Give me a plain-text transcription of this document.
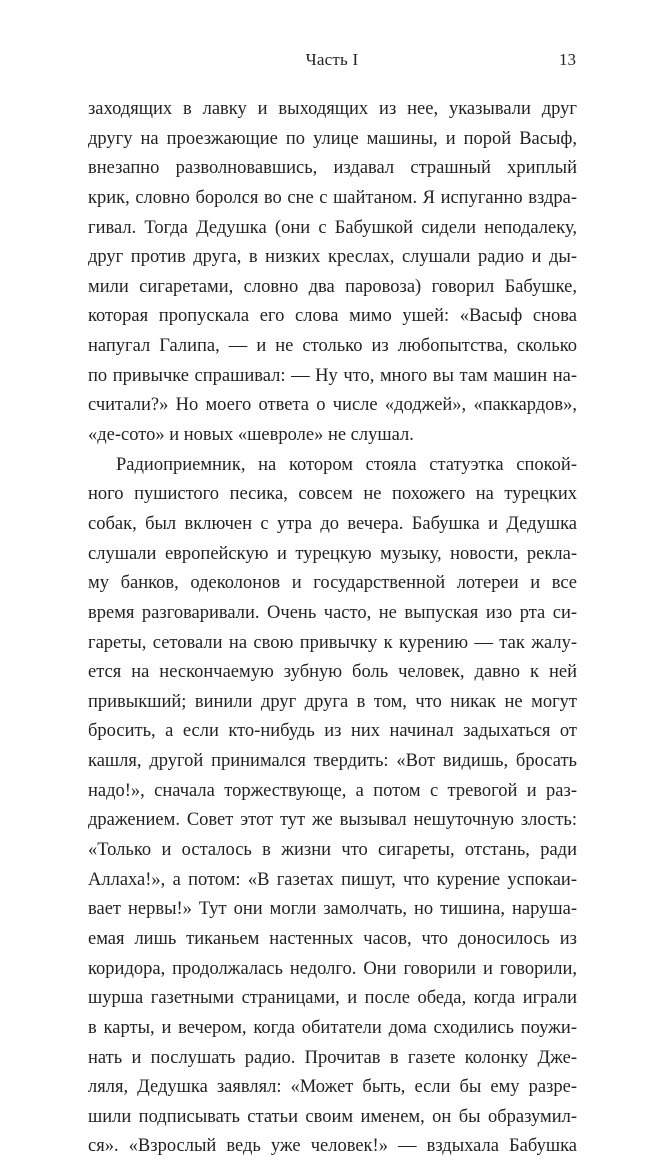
Часть I	13
заходящих в лавку и выходящих из нее, указывали друг
другу на проезжающие по улице машины, и порой Васыф,
внезапно разволновавшись, издавал страшный хриплый
крик, словно боролся во сне с шайтаном. Я испуганно вздра-
гивал. Тогда Дедушка (они с Бабушкой сидели неподалеку,
друг против друга, в низких креслах, слушали радио и ды-
мили сигаретами, словно два паровоза) говорил Бабушке,
которая пропускала его слова мимо ушей: «Васыф снова
напугал Галипа, — и не столько из любопытства, сколько
по привычке спрашивал: — Ну что, много вы там машин на-
считали?» Но моего ответа о числе «доджей», «паккардов»,
«де-сото» и новых «шевроле» не слушал.
Радиоприемник, на котором стояла статуэтка спокой-
ного пушистого песика, совсем не похожего на турецких
собак, был включен с утра до вечера. Бабушка и Дедушка
слушали европейскую и турецкую музыку, новости, рекла-
му банков, одеколонов и государственной лотереи и все
время разговаривали. Очень часто, не выпуская изо рта си-
гареты, сетовали на свою привычку к курению — так жалу-
ется на нескончаемую зубную боль человек, давно к ней
привыкший; винили друг друга в том, что никак не могут
бросить, а если кто-нибудь из них начинал задыхаться от
кашля, другой принимался твердить: «Вот видишь, бросать
надо!», сначала торжествующе, а потом с тревогой и раз-
дражением. Совет этот тут же вызывал нешуточную злость:
«Только и осталось в жизни что сигареты, отстань, ради
Аллаха!», а потом: «В газетах пишут, что курение успокаи-
вает нервы!» Тут они могли замолчать, но тишина, наруша-
емая лишь тиканьем настенных часов, что доносилось из
коридора, продолжалась недолго. Они говорили и говорили,
шурша газетными страницами, и после обеда, когда играли
в карты, и вечером, когда обитатели дома сходились поужи-
нать и послушать радио. Прочитав в газете колонку Дже-
ляля, Дедушка заявлял: «Может быть, если бы ему разре-
шили подписывать статьи своим именем, он бы образумил-
ся». «Взрослый ведь уже человек!» — вздыхала Бабушка
